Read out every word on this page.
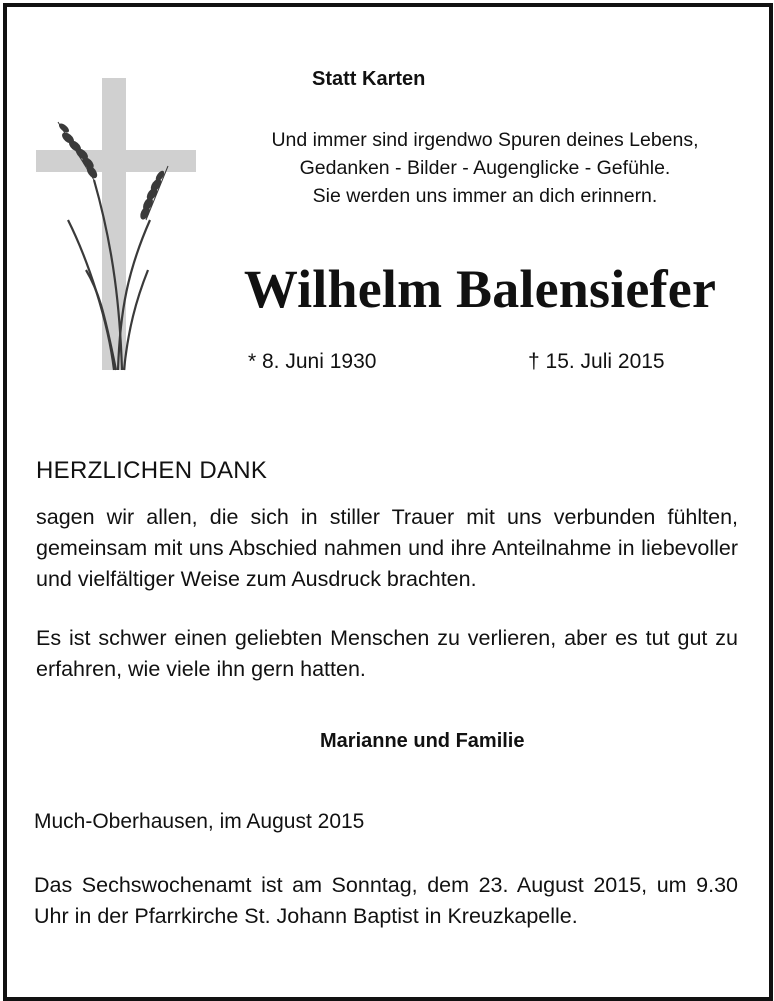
Statt Karten
Und immer sind irgendwo Spuren deines Lebens,
Gedanken - Bilder - Augenglicke - Gefühle.
Sie werden uns immer an dich erinnern.
Wilhelm Balensiefer
* 8. Juni 1930	† 15. Juli 2015
HERZLICHEN DANK
sagen wir allen, die sich in stiller Trauer mit uns verbunden fühlten, gemeinsam mit uns Abschied nahmen und ihre Anteilnahme in liebevoller und vielfältiger Weise zum Ausdruck brachten.
Es ist schwer einen geliebten Menschen zu verlieren, aber es tut gut zu erfahren, wie viele ihn gern hatten.
Marianne und Familie
Much-Oberhausen, im August 2015
Das Sechswochenamt ist am Sonntag, dem 23. August 2015, um 9.30 Uhr in der Pfarrkirche St. Johann Baptist in Kreuzkapelle.
